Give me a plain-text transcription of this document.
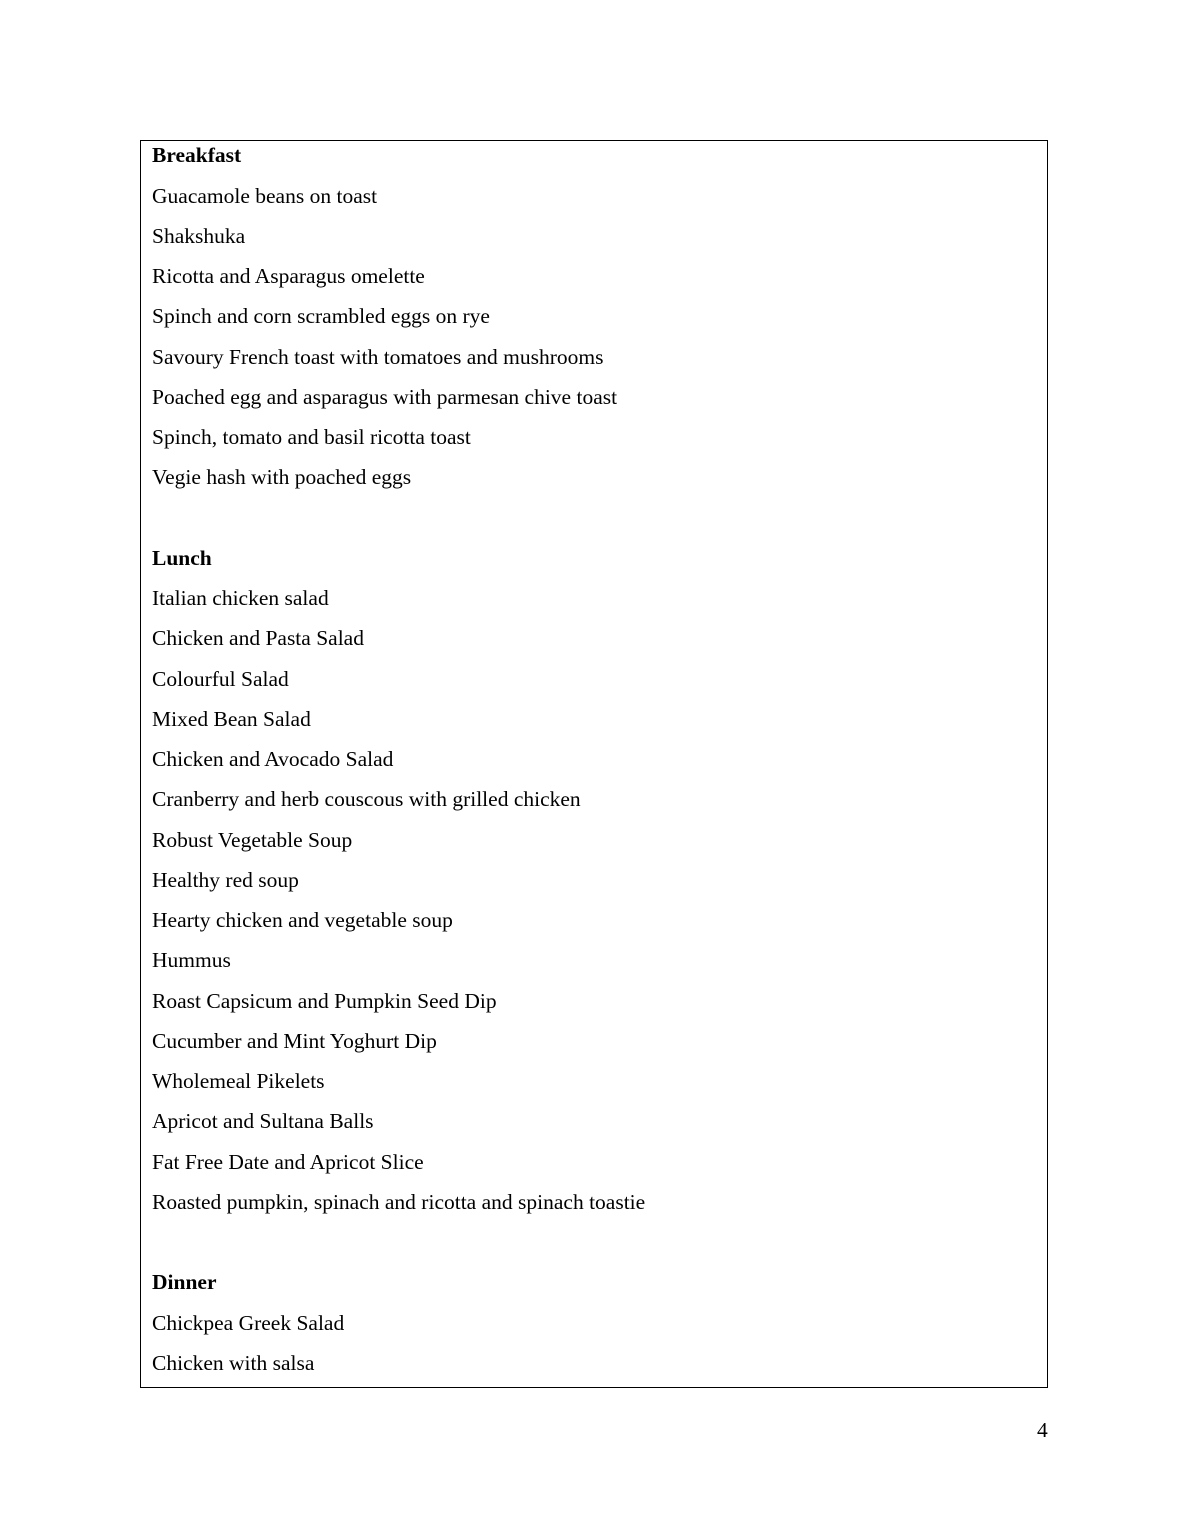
Breakfast
Guacamole beans on toast
Shakshuka
Ricotta and Asparagus omelette
Spinch and corn scrambled eggs on rye
Savoury French toast with tomatoes and mushrooms
Poached egg and asparagus with parmesan chive toast
Spinch, tomato and basil ricotta toast
Vegie hash with poached eggs
Lunch
Italian chicken salad
Chicken and Pasta Salad
Colourful Salad
Mixed Bean Salad
Chicken and Avocado Salad
Cranberry and herb couscous with grilled chicken
Robust Vegetable Soup
Healthy red soup
Hearty chicken and vegetable soup
Hummus
Roast Capsicum and Pumpkin Seed Dip
Cucumber and Mint Yoghurt Dip
Wholemeal Pikelets
Apricot and Sultana Balls
Fat Free Date and Apricot Slice
Roasted pumpkin, spinach and ricotta and spinach toastie
Dinner
Chickpea Greek Salad
Chicken with salsa
4
